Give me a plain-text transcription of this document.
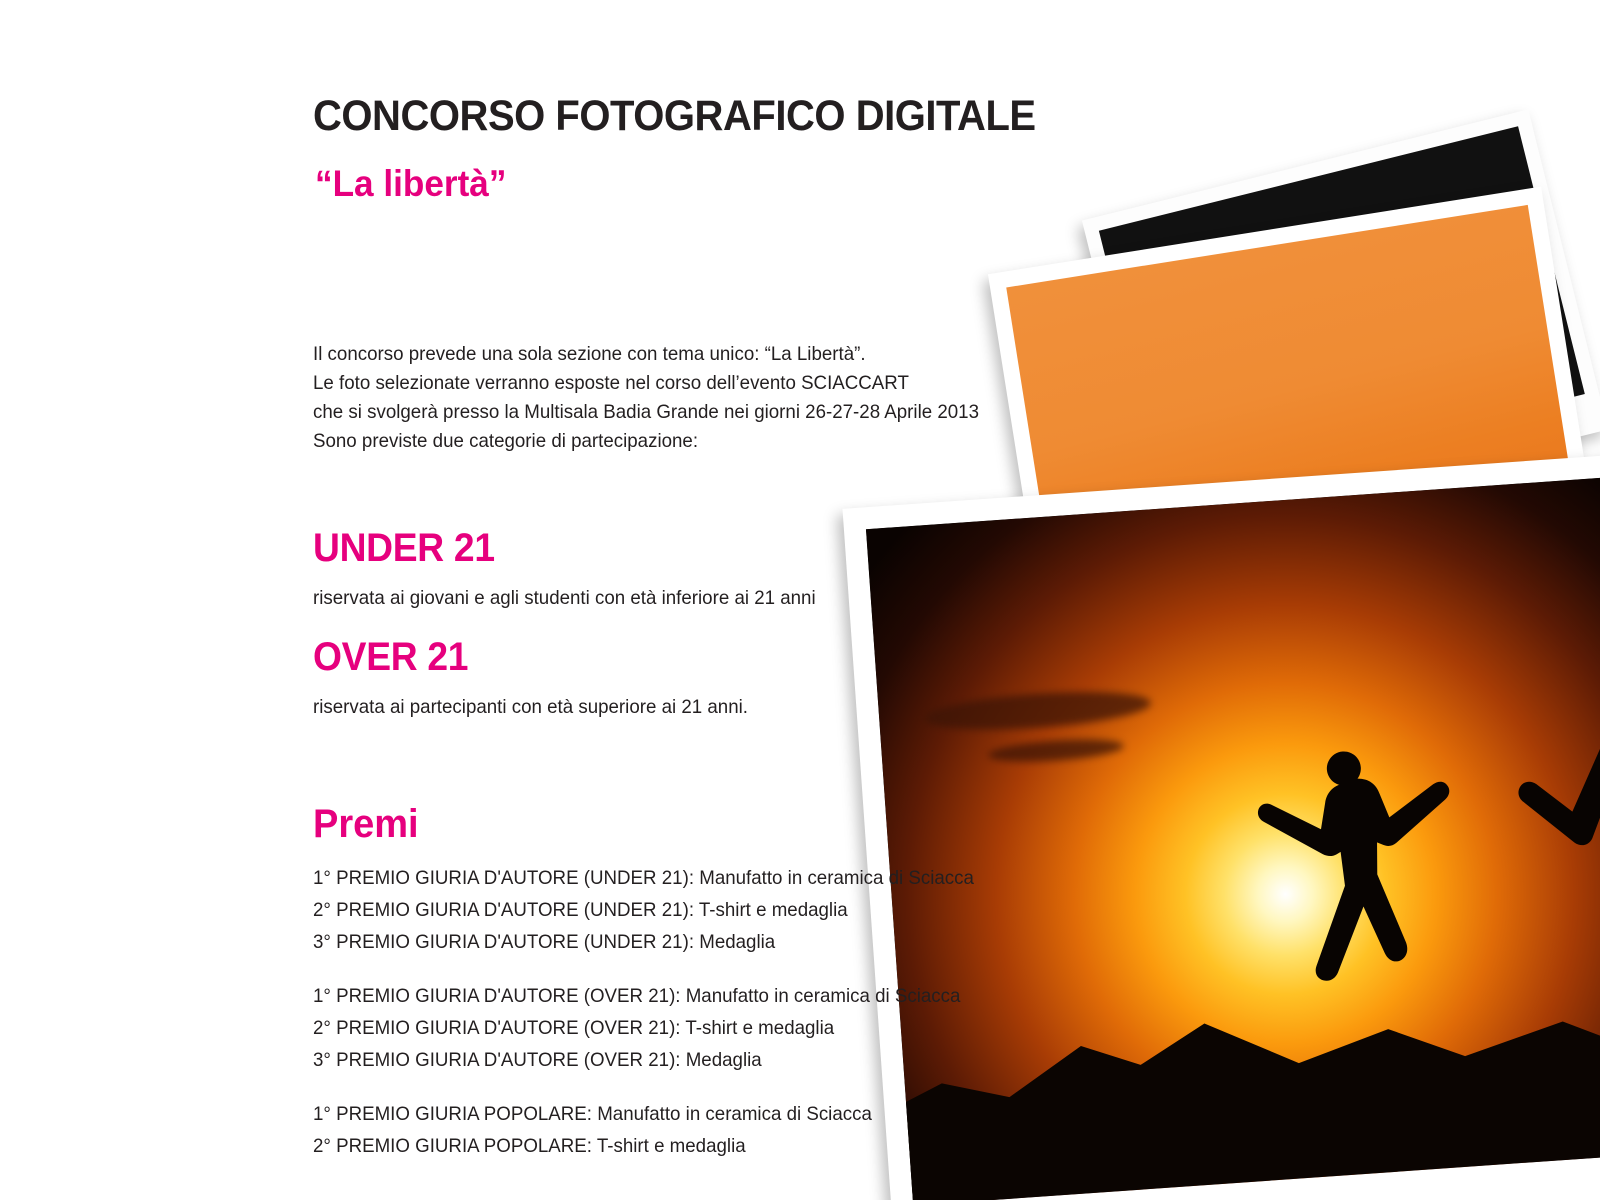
CONCORSO FOTOGRAFICO DIGITALE
“La libertà”
Il concorso prevede una sola sezione con tema unico: “La Libertà”.
Le foto selezionate verranno esposte nel corso dell’evento SCIACCART
che si svolgerà presso la Multisala Badia Grande nei giorni 26-27-28 Aprile 2013
Sono previste due categorie di partecipazione:
UNDER 21
riservata ai giovani e agli studenti con età inferiore ai 21 anni
OVER 21
riservata ai partecipanti con età superiore ai 21 anni.
Premi
1° PREMIO GIURIA D'AUTORE (UNDER 21): Manufatto in ceramica di Sciacca
2° PREMIO GIURIA D'AUTORE (UNDER 21): T-shirt e medaglia
3° PREMIO GIURIA D'AUTORE (UNDER 21): Medaglia
1° PREMIO GIURIA D'AUTORE (OVER 21): Manufatto in ceramica di Sciacca
2° PREMIO GIURIA D'AUTORE (OVER 21): T-shirt e medaglia
3° PREMIO GIURIA D'AUTORE (OVER 21): Medaglia
1° PREMIO GIURIA POPOLARE: Manufatto in ceramica di Sciacca
2° PREMIO GIURIA POPOLARE: T-shirt e medaglia
